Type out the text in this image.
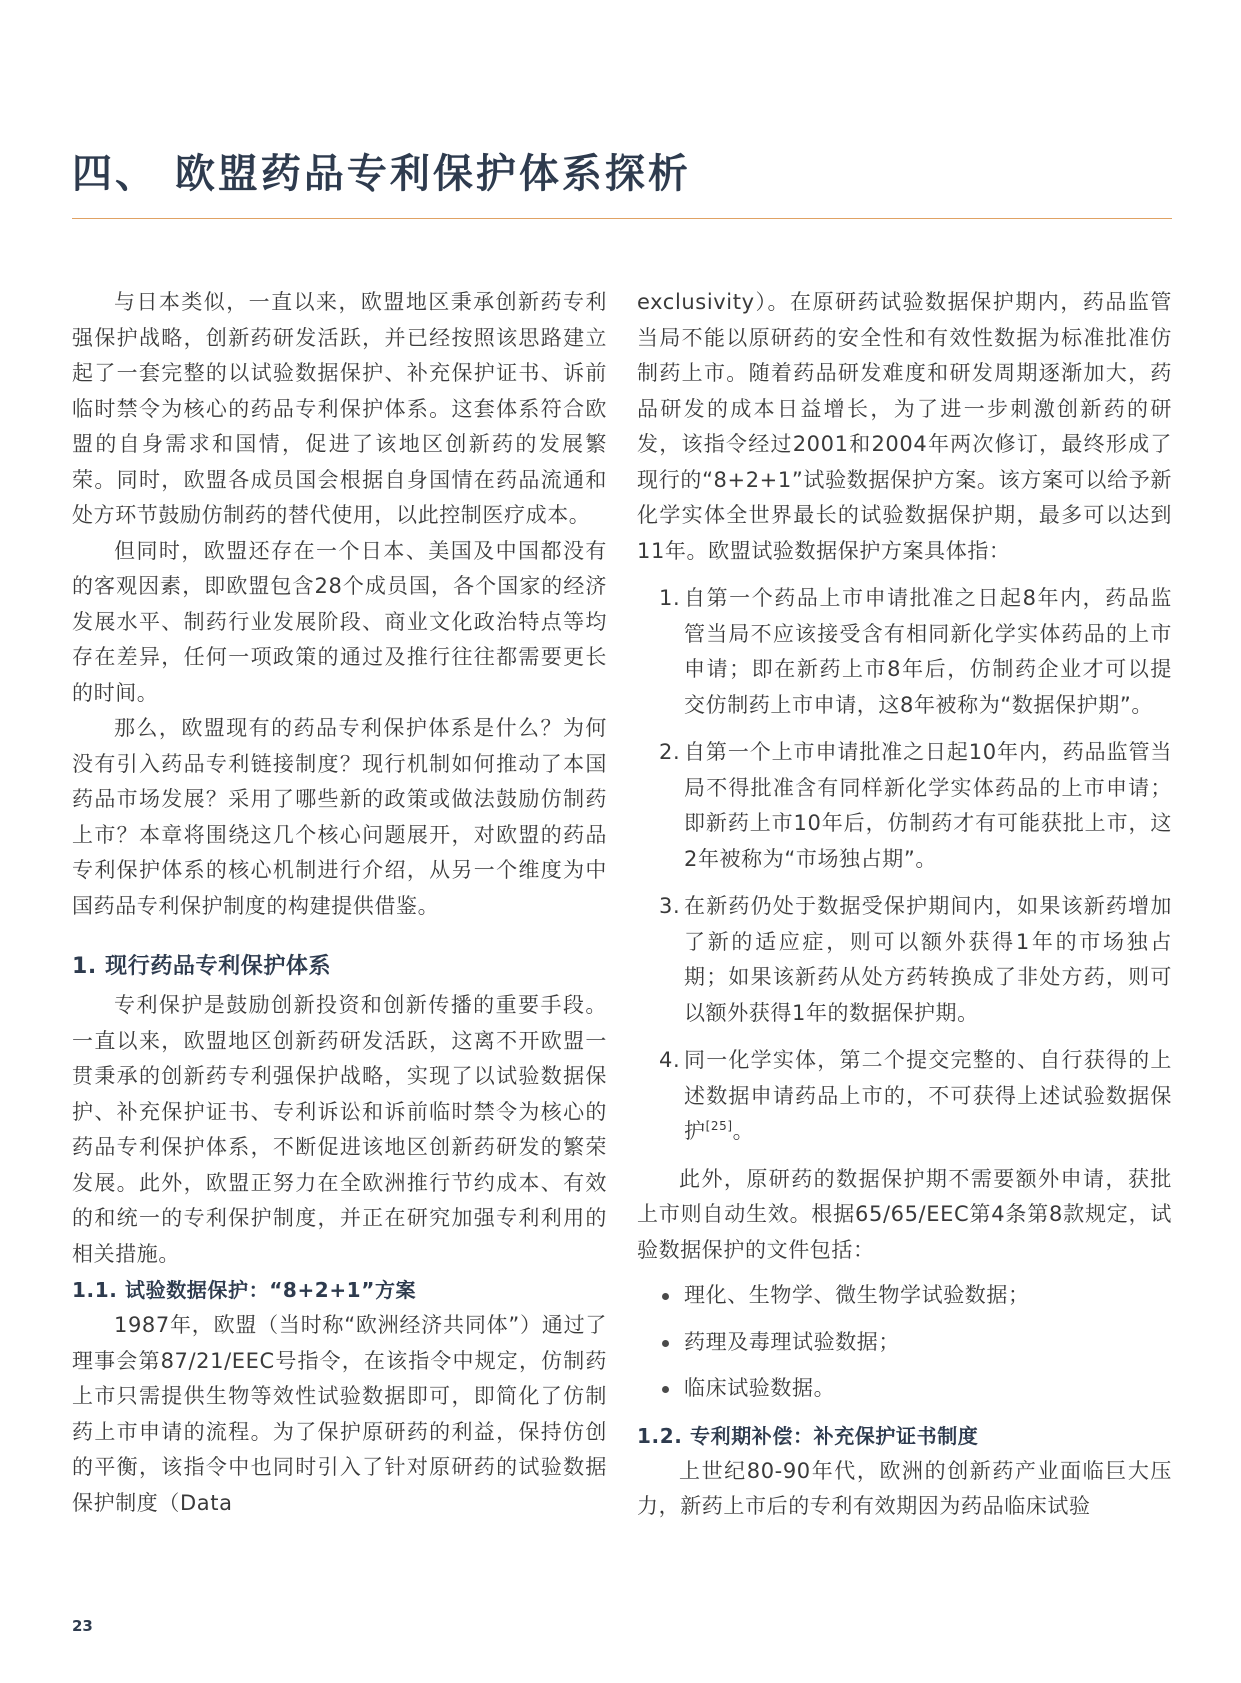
四、 欧盟药品专利保护体系探析

与日本类似，一直以来，欧盟地区秉承创新药专利强保护战略，创新药研发活跃，并已经按照该思路建立起了一套完整的以试验数据保护、补充保护证书、诉前临时禁令为核心的药品专利保护体系。这套体系符合欧盟的自身需求和国情，促进了该地区创新药的发展繁荣。同时，欧盟各成员国会根据自身国情在药品流通和处方环节鼓励仿制药的替代使用，以此控制医疗成本。

但同时，欧盟还存在一个日本、美国及中国都没有的客观因素，即欧盟包含28个成员国，各个国家的经济发展水平、制药行业发展阶段、商业文化政治特点等均存在差异，任何一项政策的通过及推行往往都需要更长的时间。

那么，欧盟现有的药品专利保护体系是什么？为何没有引入药品专利链接制度？现行机制如何推动了本国药品市场发展？采用了哪些新的政策或做法鼓励仿制药上市？本章将围绕这几个核心问题展开，对欧盟的药品专利保护体系的核心机制进行介绍，从另一个维度为中国药品专利保护制度的构建提供借鉴。

1. 现行药品专利保护体系

专利保护是鼓励创新投资和创新传播的重要手段。一直以来，欧盟地区创新药研发活跃，这离不开欧盟一贯秉承的创新药专利强保护战略，实现了以试验数据保护、补充保护证书、专利诉讼和诉前临时禁令为核心的药品专利保护体系，不断促进该地区创新药研发的繁荣发展。此外，欧盟正努力在全欧洲推行节约成本、有效的和统一的专利保护制度，并正在研究加强专利利用的相关措施。

1.1. 试验数据保护：“8+2+1”方案

1987年，欧盟（当时称“欧洲经济共同体”）通过了理事会第87/21/EEC号指令，在该指令中规定，仿制药上市只需提供生物等效性试验数据即可，即简化了仿制药上市申请的流程。为了保护原研药的利益，保持仿创的平衡，该指令中也同时引入了针对原研药的试验数据保护制度（Data

exclusivity）。在原研药试验数据保护期内，药品监管当局不能以原研药的安全性和有效性数据为标准批准仿制药上市。随着药品研发难度和研发周期逐渐加大，药品研发的成本日益增长，为了进一步刺激创新药的研发，该指令经过2001和2004年两次修订，最终形成了现行的“8+2+1”试验数据保护方案。该方案可以给予新化学实体全世界最长的试验数据保护期，最多可以达到11年。欧盟试验数据保护方案具体指：

1. 自第一个药品上市申请批准之日起8年内，药品监管当局不应该接受含有相同新化学实体药品的上市申请；即在新药上市8年后，仿制药企业才可以提交仿制药上市申请，这8年被称为“数据保护期”。
2. 自第一个上市申请批准之日起10年内，药品监管当局不得批准含有同样新化学实体药品的上市申请；即新药上市10年后，仿制药才有可能获批上市，这2年被称为“市场独占期”。
3. 在新药仍处于数据受保护期间内，如果该新药增加了新的适应症，则可以额外获得1年的市场独占期；如果该新药从处方药转换成了非处方药，则可以额外获得1年的数据保护期。
4. 同一化学实体，第二个提交完整的、自行获得的上述数据申请药品上市的，不可获得上述试验数据保护[25]。

此外，原研药的数据保护期不需要额外申请，获批上市则自动生效。根据65/65/EEC第4条第8款规定，试验数据保护的文件包括：

理化、生物学、微生物学试验数据；
药理及毒理试验数据；
临床试验数据。
1.2. 专利期补偿：补充保护证书制度

上世纪80-90年代，欧洲的创新药产业面临巨大压力，新药上市后的专利有效期因为药品临床试验

23
